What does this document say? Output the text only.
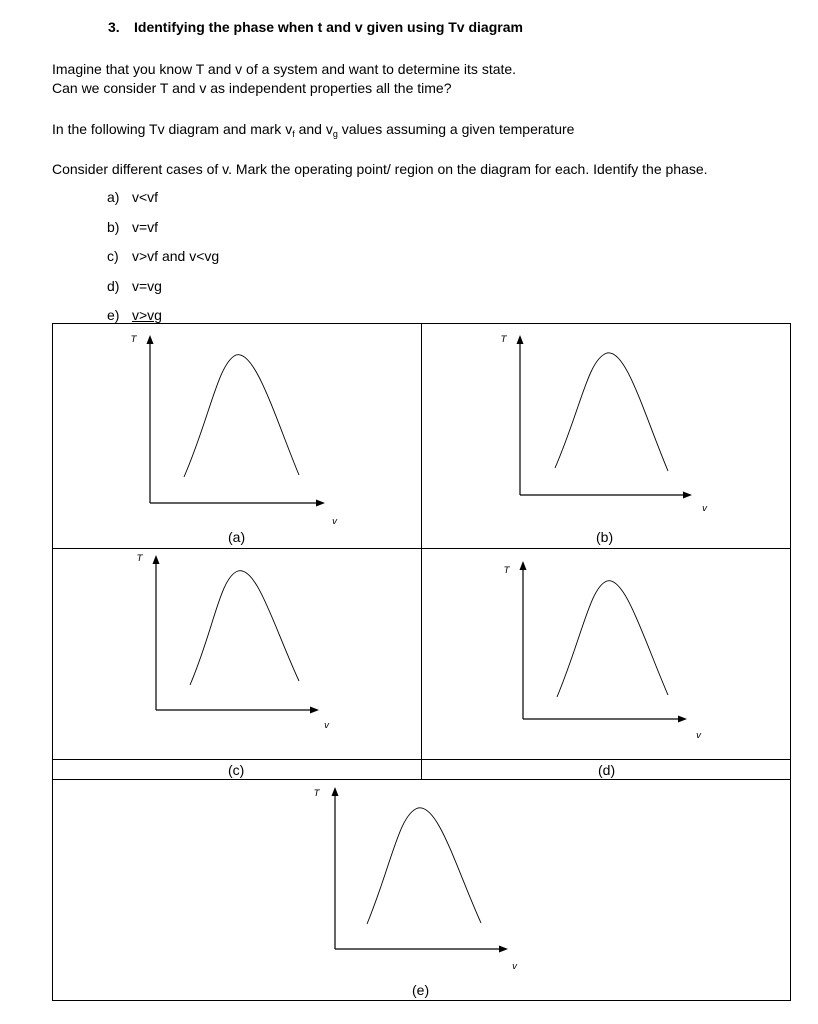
3. Identifying the phase when t and v given using Tv diagram
Imagine that you know T and v of a system and want to determine its state.
Can we consider T and v as independent properties all the time?
In the following Tv diagram and mark $v_f$ and $v_g$ values assuming a given temperature
Consider different cases of v. Mark the operating point/ region on the diagram for each. Identify the phase.
a) v<vf
b) v=vf
c) v>vf and v<vg
d) v=vg
e) v>vg
T
v
(a)
T
v
(b)
T
v
(c)
T
v
(d)
T
v
(e)
